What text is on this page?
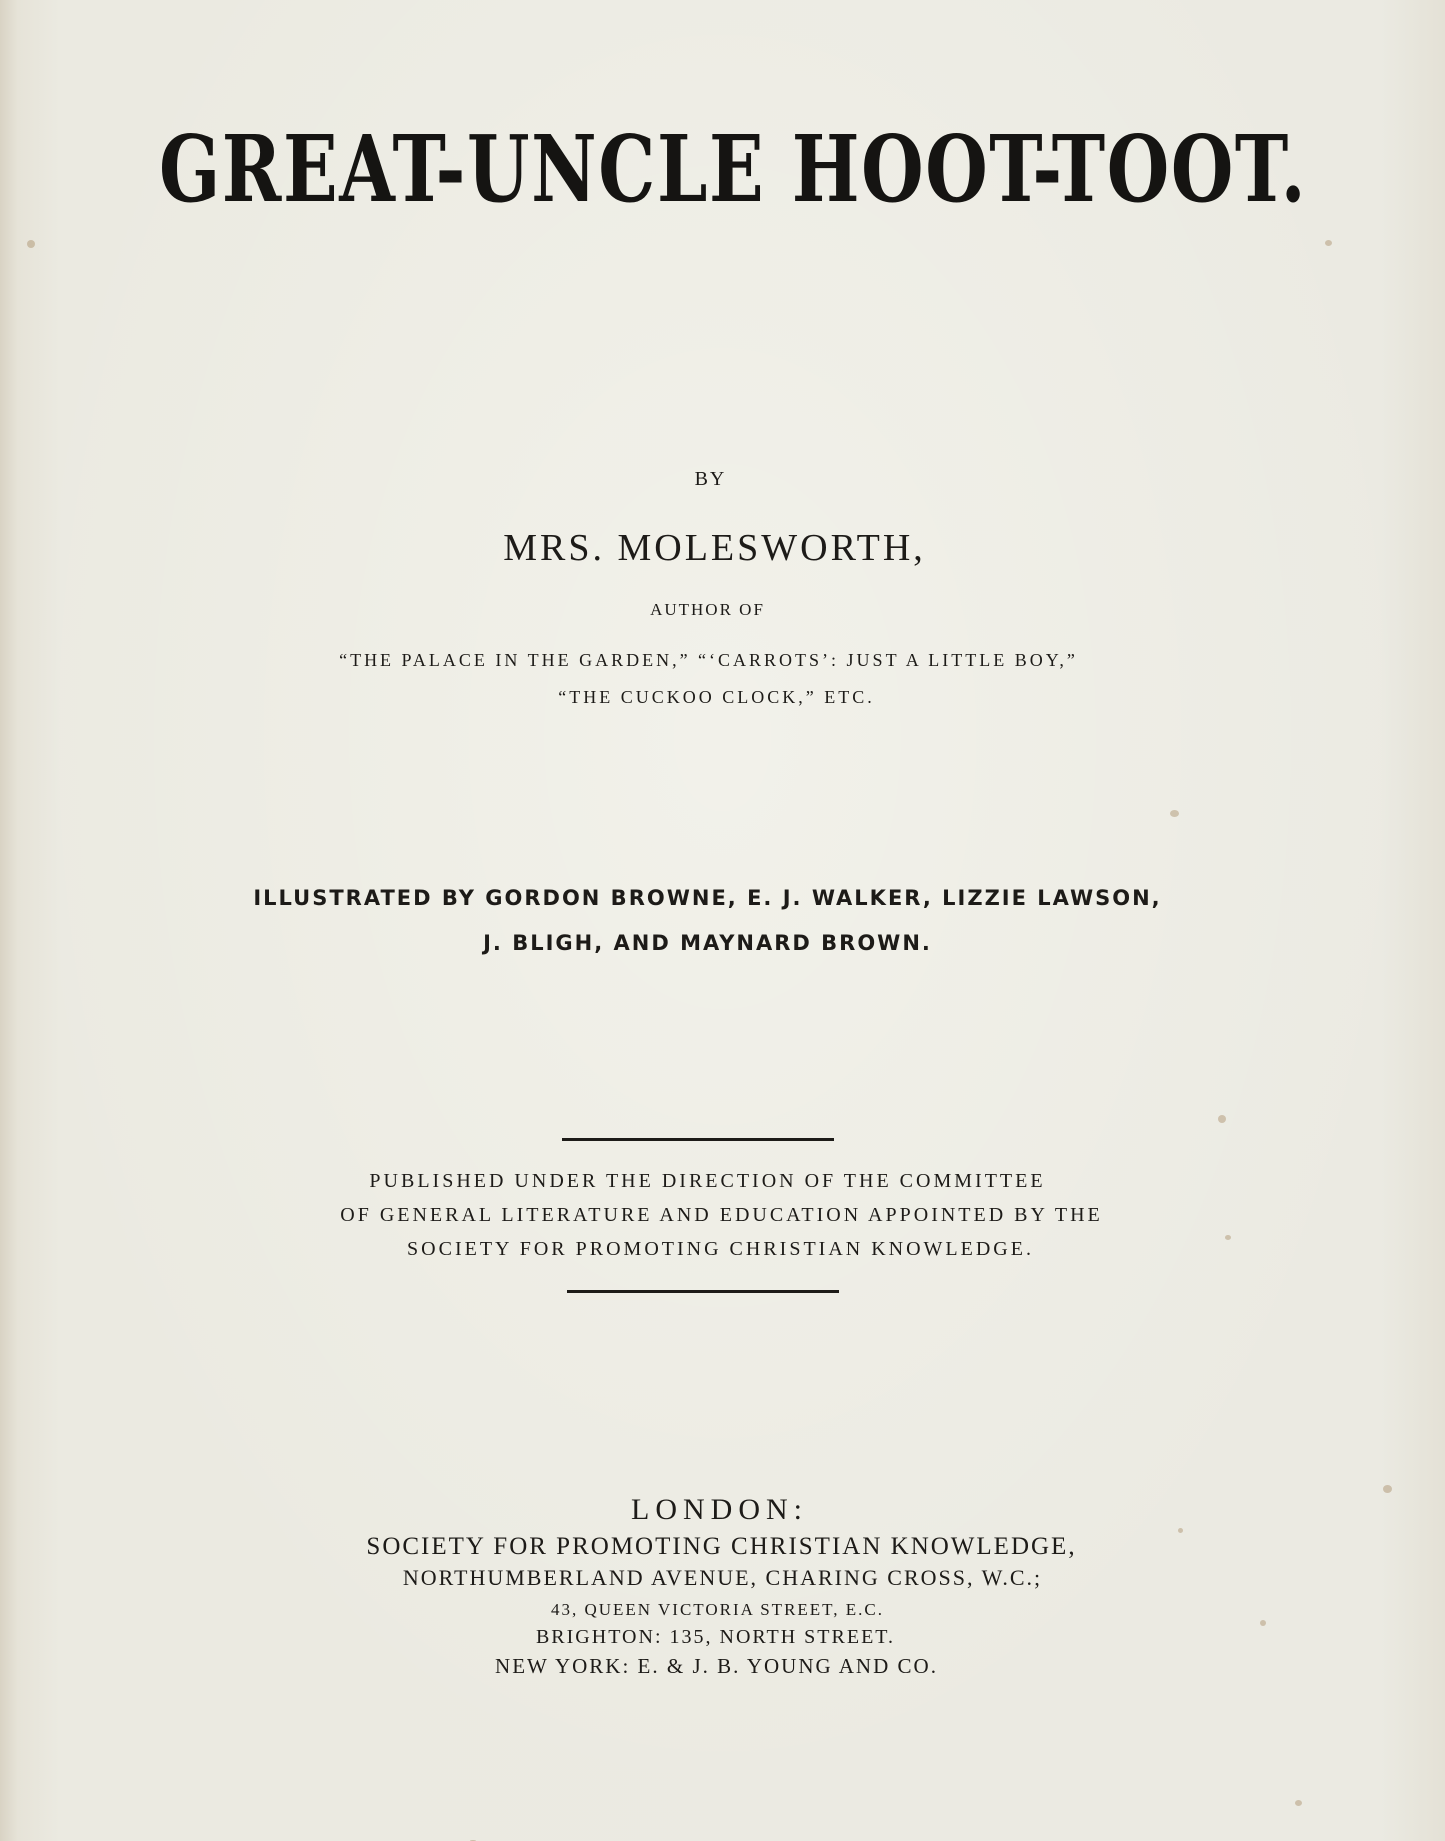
GREAT-UNCLE HOOT-TOOT.
BY
MRS. MOLESWORTH,
AUTHOR OF
“THE PALACE IN THE GARDEN,” “‘CARROTS’: JUST A LITTLE BOY,”
“THE CUCKOO CLOCK,” ETC.
ILLUSTRATED BY GORDON BROWNE, E. J. WALKER, LIZZIE LAWSON,
J. BLIGH, AND MAYNARD BROWN.
PUBLISHED UNDER THE DIRECTION OF THE COMMITTEE
OF GENERAL LITERATURE AND EDUCATION APPOINTED BY THE
SOCIETY FOR PROMOTING CHRISTIAN KNOWLEDGE.
LONDON:
SOCIETY FOR PROMOTING CHRISTIAN KNOWLEDGE,
NORTHUMBERLAND AVENUE, CHARING CROSS, W.C.;
43, QUEEN VICTORIA STREET, E.C.
BRIGHTON: 135, NORTH STREET.
NEW YORK: E. & J. B. YOUNG AND CO.
